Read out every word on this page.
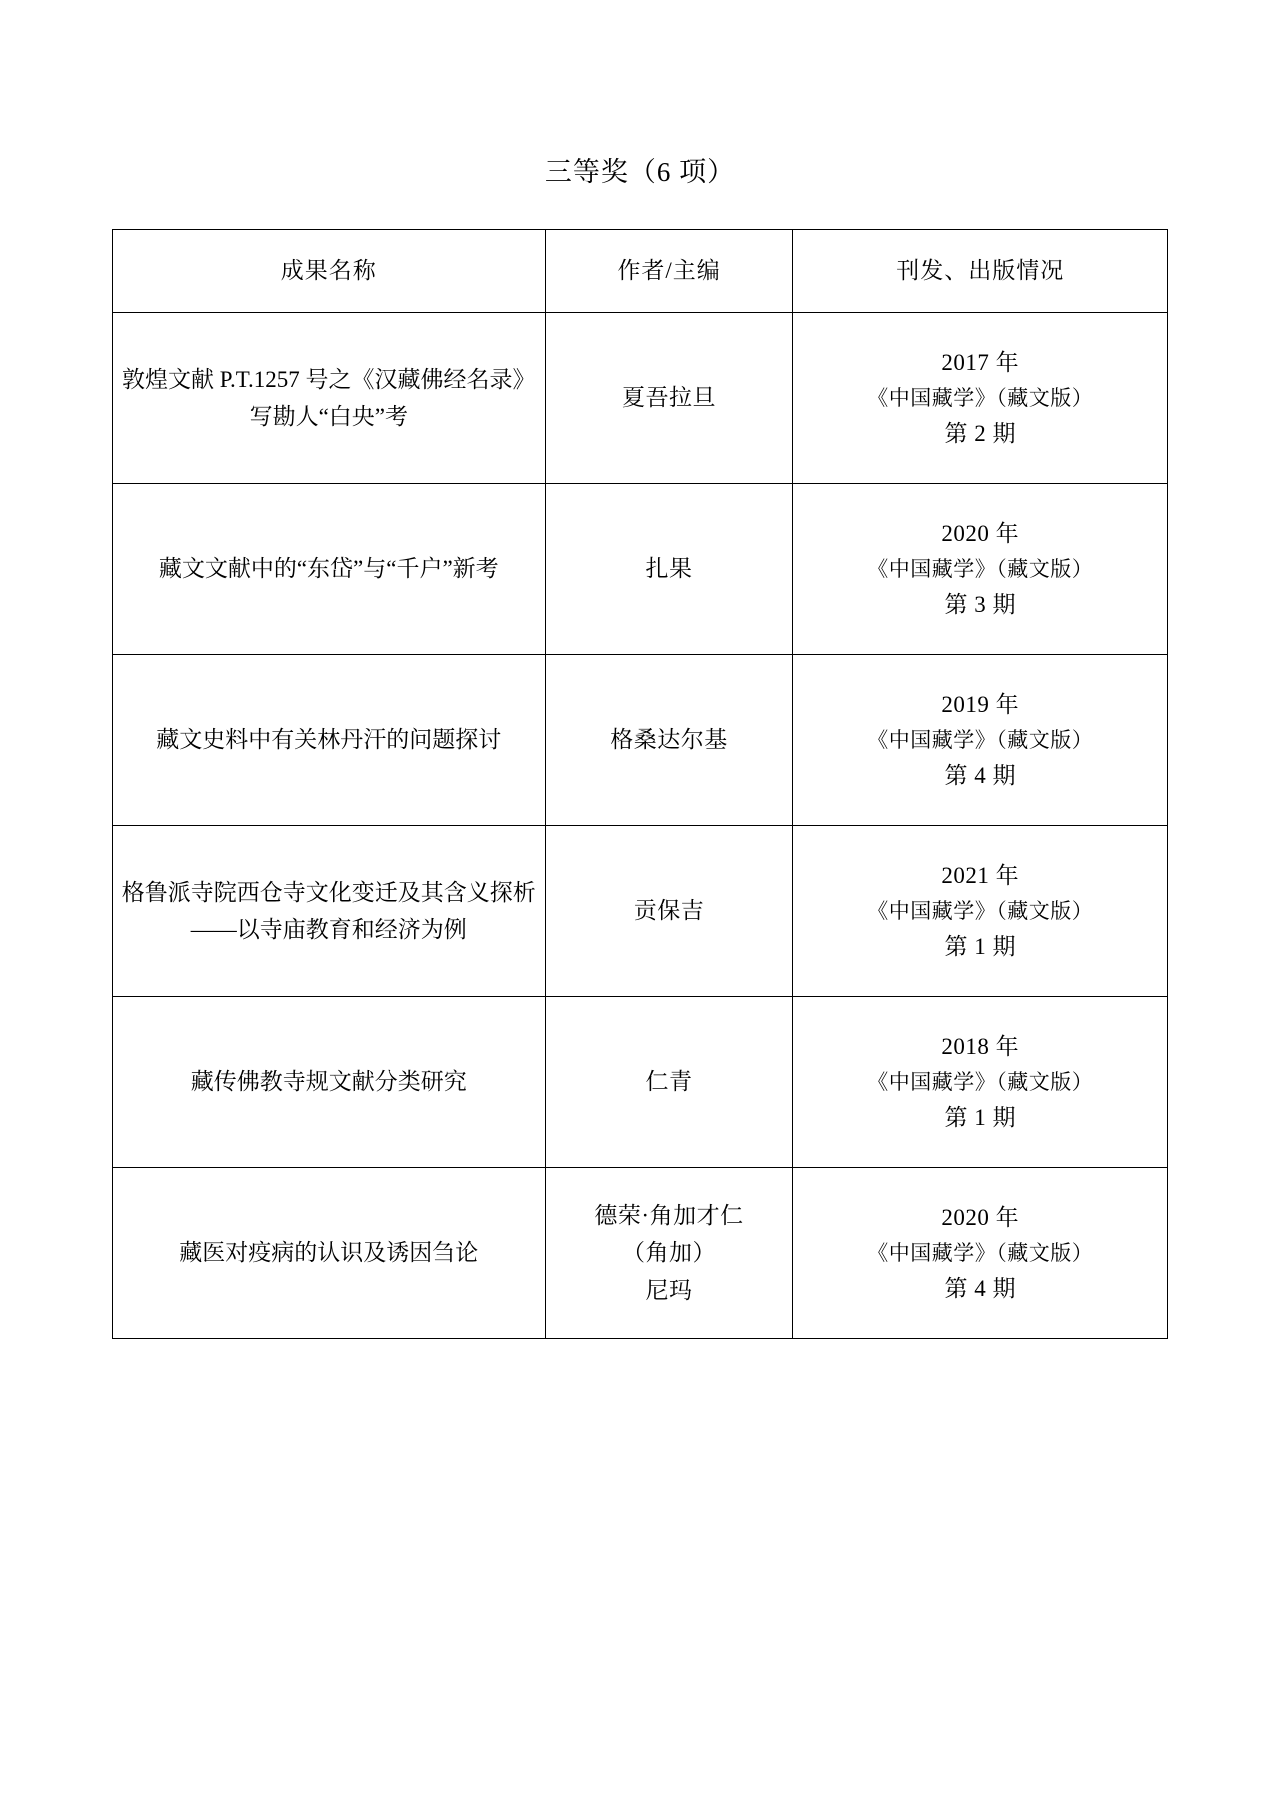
三等奖（6 项）
成果名称	作者/主编	刊发、出版情况
敦煌文献 P.T.1257 号之《汉藏佛经名录》写勘人“白央”考	夏吾拉旦	2017 年
《中国藏学》（藏文版）
第 2 期

藏文文献中的“东岱”与“千户”新考	扎果	2020 年
《中国藏学》（藏文版）
第 3 期

藏文史料中有关林丹汗的问题探讨	格桑达尔基	2019 年
《中国藏学》（藏文版）
第 4 期

格鲁派寺院西仓寺文化变迁及其含义探析——以寺庙教育和经济为例	贡保吉	2021 年
《中国藏学》（藏文版）
第 1 期

藏传佛教寺规文献分类研究	仁青	2018 年
《中国藏学》（藏文版）
第 1 期

藏医对疫病的认识及诱因刍论	德荣·角加才仁
（角加）
尼玛	2020 年
《中国藏学》（藏文版）
第 4 期
